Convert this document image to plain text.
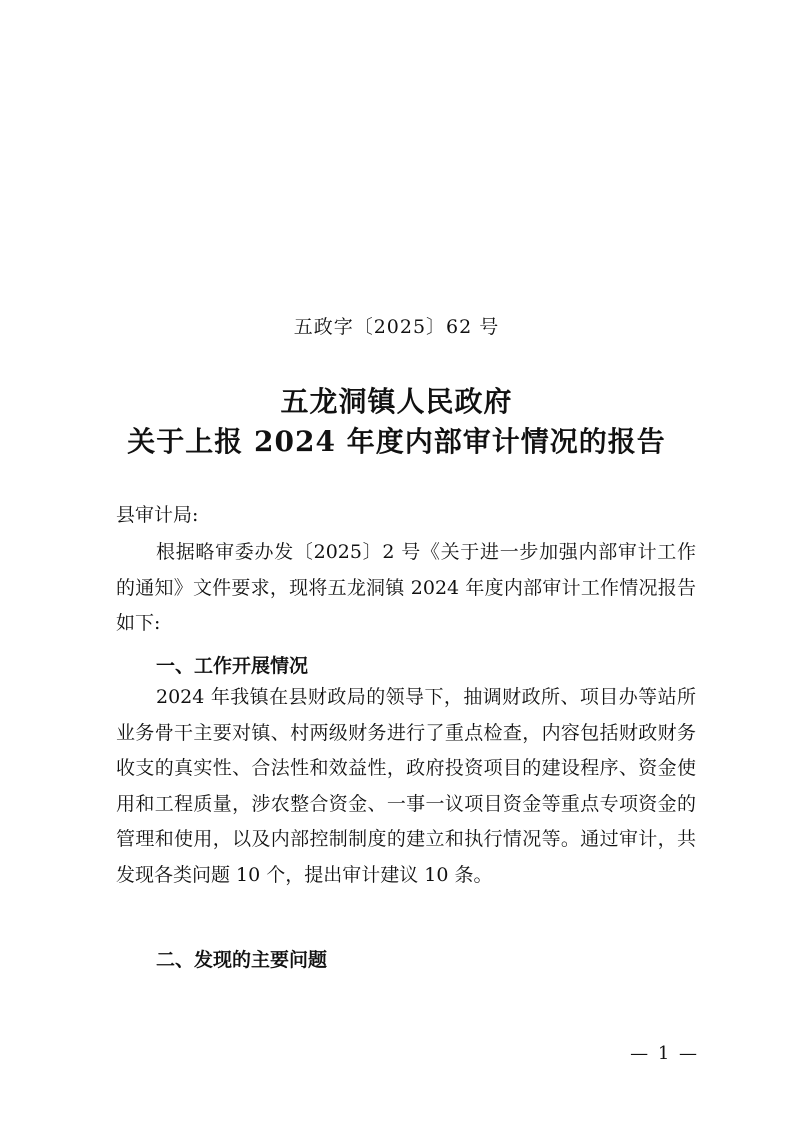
五政字〔2025〕62 号
五龙洞镇人民政府
关于上报 2024 年度内部审计情况的报告
县审计局:

根据略审委办发〔2025〕2 号《关于进一步加强内部审计工作的通知》文件要求，现将五龙洞镇 2024 年度内部审计工作情况报告如下:

一、工作开展情况

2024 年我镇在县财政局的领导下，抽调财政所、项目办等站所业务骨干主要对镇、村两级财务进行了重点检查，内容包括财政财务收支的真实性、合法性和效益性，政府投资项目的建设程序、资金使用和工程质量，涉农整合资金、一事一议项目资金等重点专项资金的管理和使用，以及内部控制制度的建立和执行情况等。通过审计，共发现各类问题 10 个，提出审计建议 10 条。

二、发现的主要问题
— 1 —
